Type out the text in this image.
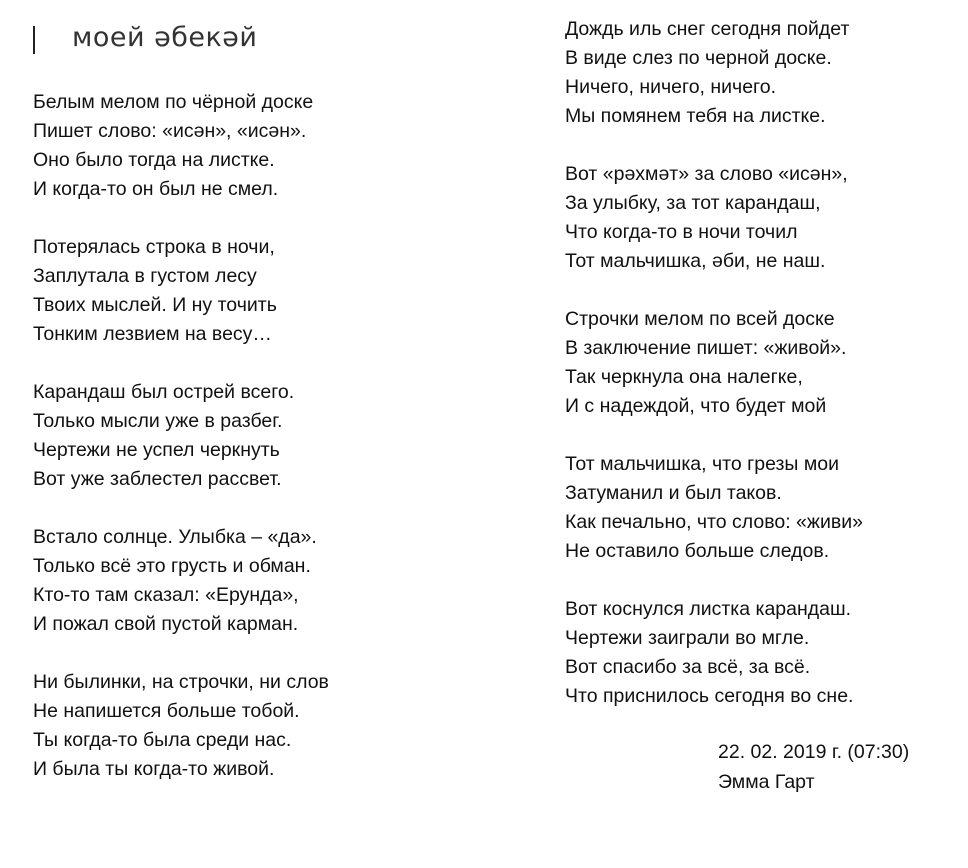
моей әбекәй
Белым мелом по чёрной доске
Пишет слово: «исән», «исән».
Оно было тогда на листке.
И когда-то он был не смел.
Потерялась строка в ночи,
Заплутала в густом лесу
Твоих мыслей. И ну точить
Тонким лезвием на весу…
Карандаш был острей всего.
Только мысли уже в разбег.
Чертежи не успел черкнуть
Вот уже заблестел рассвет.
Встало солнце. Улыбка – «да».
Только всё это грусть и обман.
Кто-то там сказал: «Ерунда»,
И пожал свой пустой карман.
Ни былинки, на строчки, ни слов
Не напишется больше тобой.
Ты когда-то была среди нас.
И была ты когда-то живой.
Дождь иль снег сегодня пойдет
В виде слез по черной доске.
Ничего, ничего, ничего.
Мы помянем тебя на листке.
Вот «рәхмәт» за слово «исән»,
За улыбку, за тот карандаш,
Что когда-то в ночи точил
Тот мальчишка, әби, не наш.
Строчки мелом по всей доске
В заключение пишет: «живой».
Так черкнула она налегке,
И с надеждой, что будет мой
Тот мальчишка, что грезы мои
Затуманил и был таков.
Как печально, что слово: «живи»
Не оставило больше следов.
Вот коснулся листка карандаш.
Чертежи заиграли во мгле.
Вот спасибо за всё, за всё.
Что приснилось сегодня во сне.
22. 02. 2019 г. (07:30)
Эмма Гарт
